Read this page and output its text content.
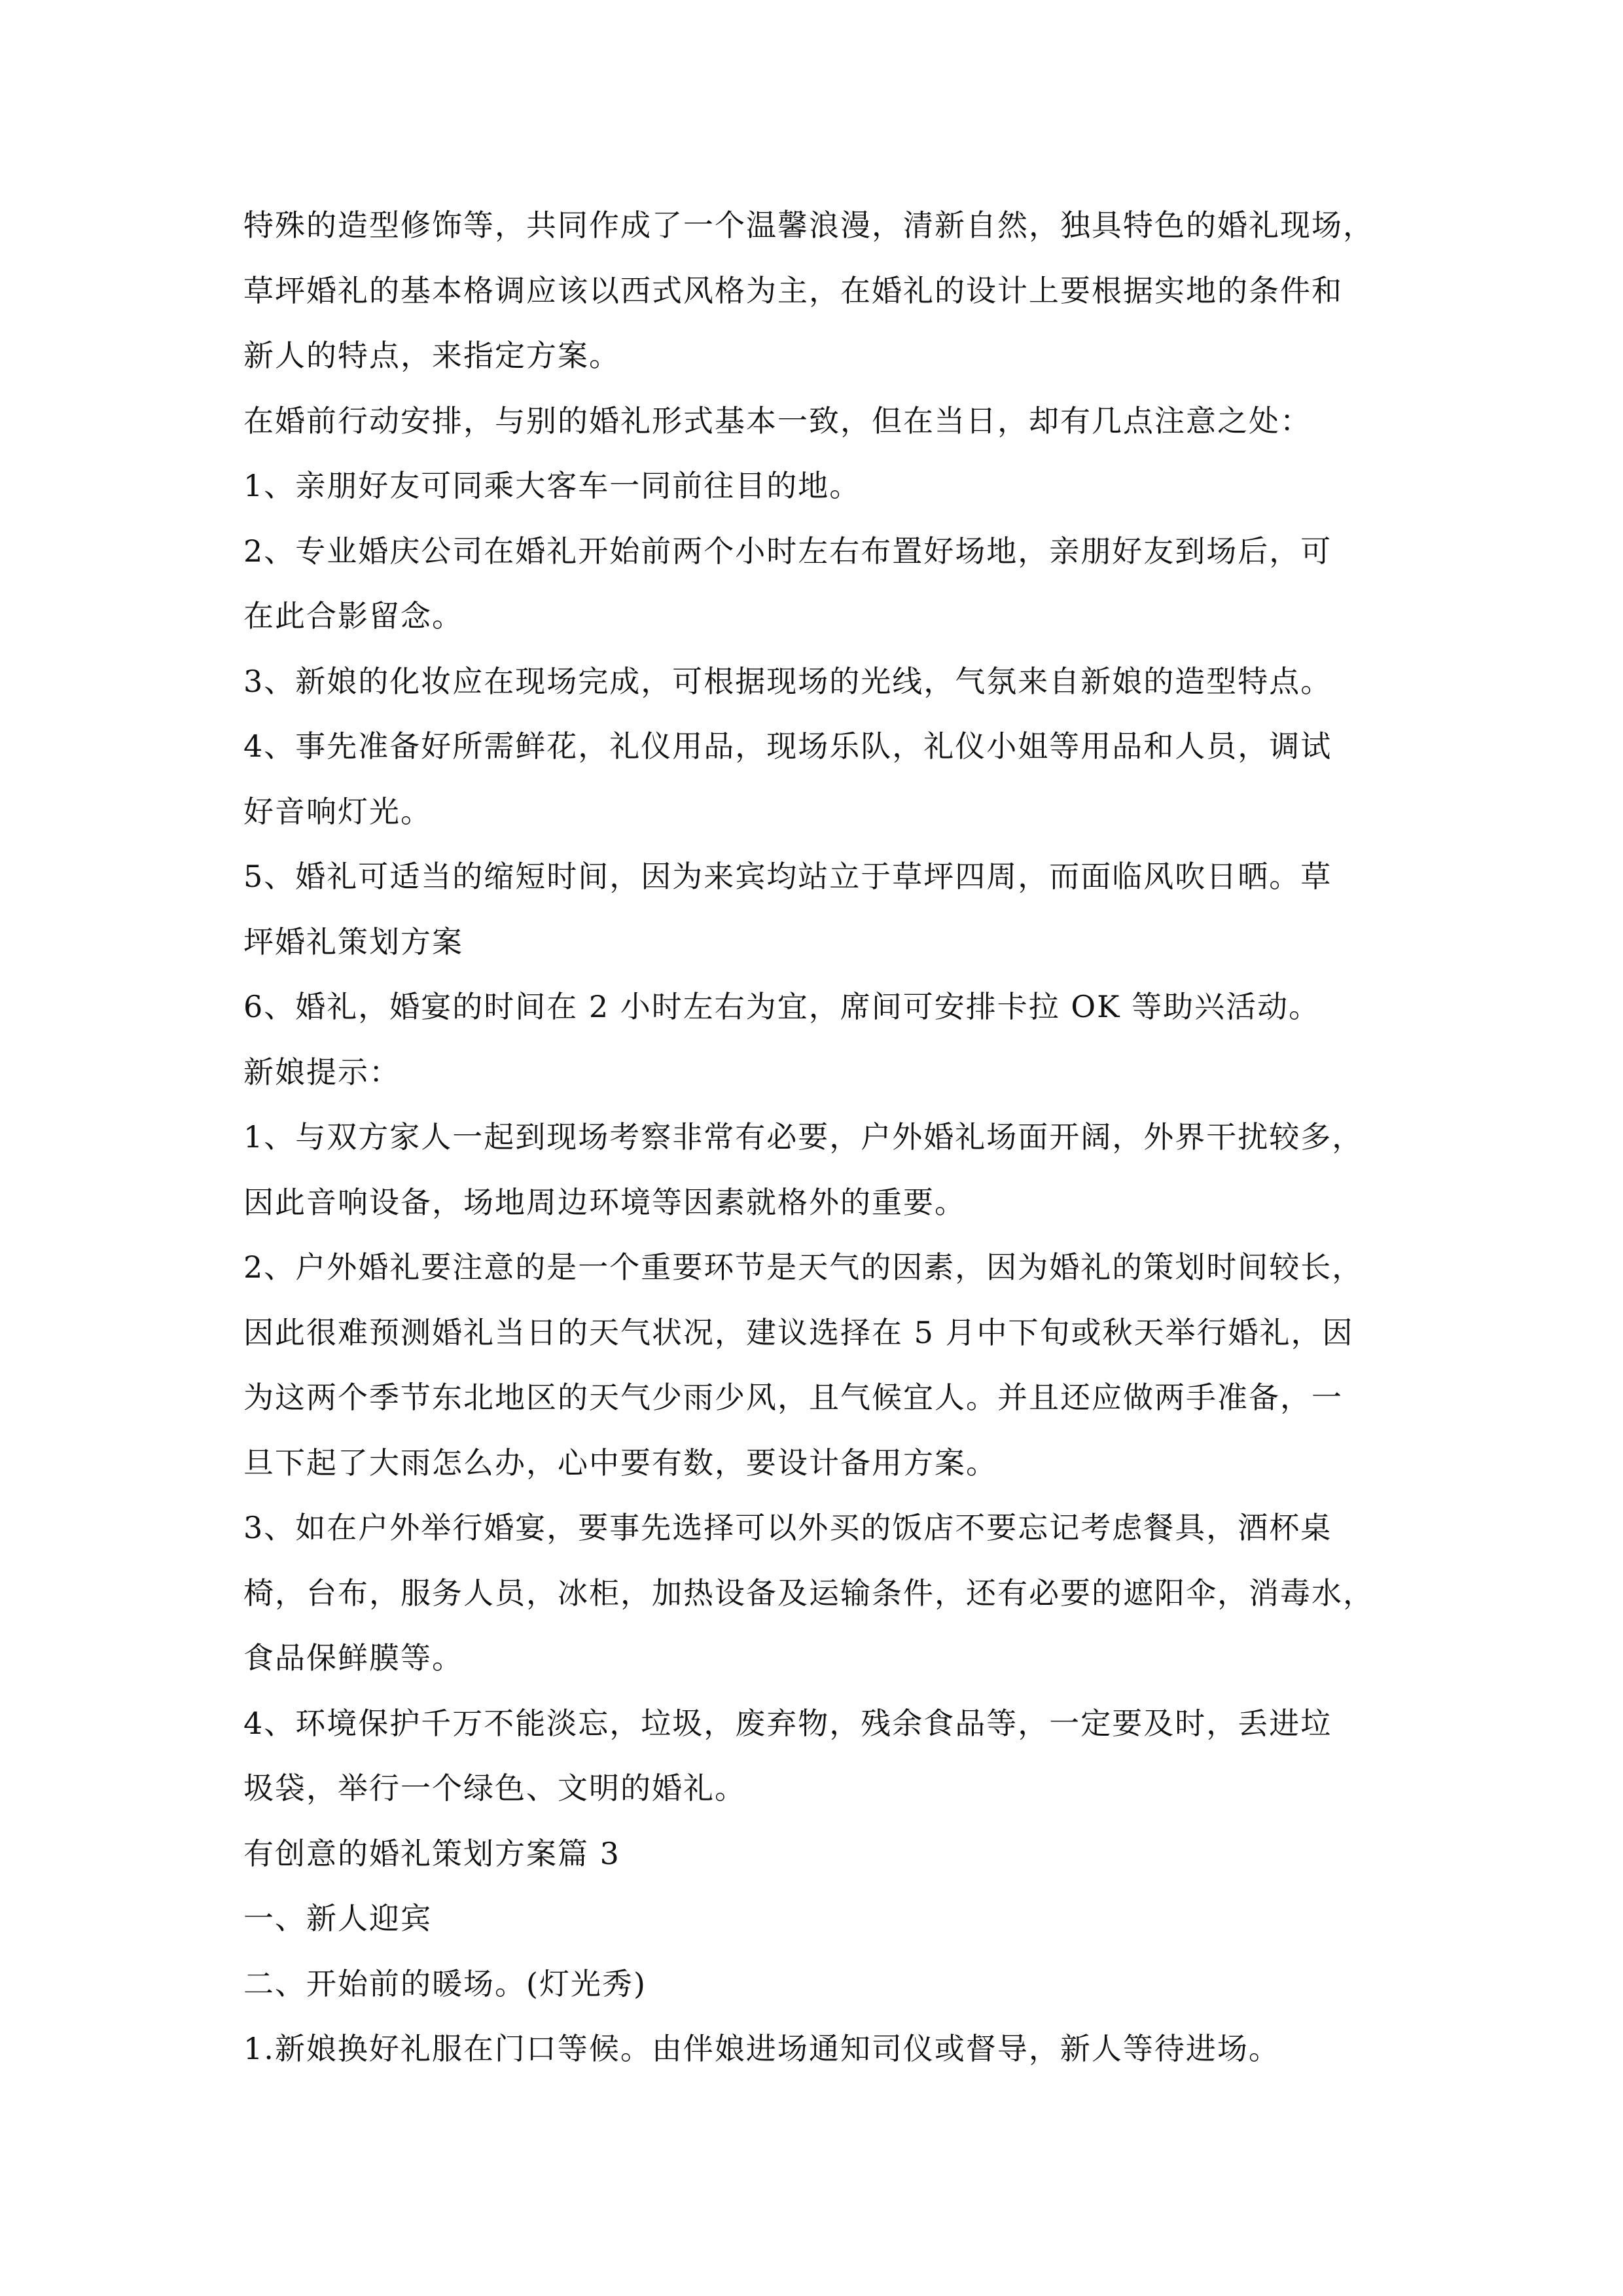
特殊的造型修饰等，共同作成了一个温馨浪漫，清新自然，独具特色的婚礼现场，
草坪婚礼的基本格调应该以西式风格为主，在婚礼的设计上要根据实地的条件和
新人的特点，来指定方案。
在婚前行动安排，与别的婚礼形式基本一致，但在当日，却有几点注意之处：
1、亲朋好友可同乘大客车一同前往目的地。
2、专业婚庆公司在婚礼开始前两个小时左右布置好场地，亲朋好友到场后，可
在此合影留念。
3、新娘的化妆应在现场完成，可根据现场的光线，气氛来自新娘的造型特点。
4、事先准备好所需鲜花，礼仪用品，现场乐队，礼仪小姐等用品和人员，调试
好音响灯光。
5、婚礼可适当的缩短时间，因为来宾均站立于草坪四周，而面临风吹日晒。草
坪婚礼策划方案
6、婚礼，婚宴的时间在 2 小时左右为宜，席间可安排卡拉 OK 等助兴活动。
新娘提示：
1、与双方家人一起到现场考察非常有必要，户外婚礼场面开阔，外界干扰较多，
因此音响设备，场地周边环境等因素就格外的重要。
2、户外婚礼要注意的是一个重要环节是天气的因素，因为婚礼的策划时间较长，
因此很难预测婚礼当日的天气状况，建议选择在 5 月中下旬或秋天举行婚礼，因
为这两个季节东北地区的天气少雨少风，且气候宜人。并且还应做两手准备，一
旦下起了大雨怎么办，心中要有数，要设计备用方案。
3、如在户外举行婚宴，要事先选择可以外买的饭店不要忘记考虑餐具，酒杯桌
椅，台布，服务人员，冰柜，加热设备及运输条件，还有必要的遮阳伞，消毒水，
食品保鲜膜等。
4、环境保护千万不能淡忘，垃圾，废弃物，残余食品等，一定要及时，丢进垃
圾袋，举行一个绿色、文明的婚礼。
有创意的婚礼策划方案篇 3
一、新人迎宾
二、开始前的暖场。(灯光秀)
1.新娘换好礼服在门口等候。由伴娘进场通知司仪或督导，新人等待进场。
